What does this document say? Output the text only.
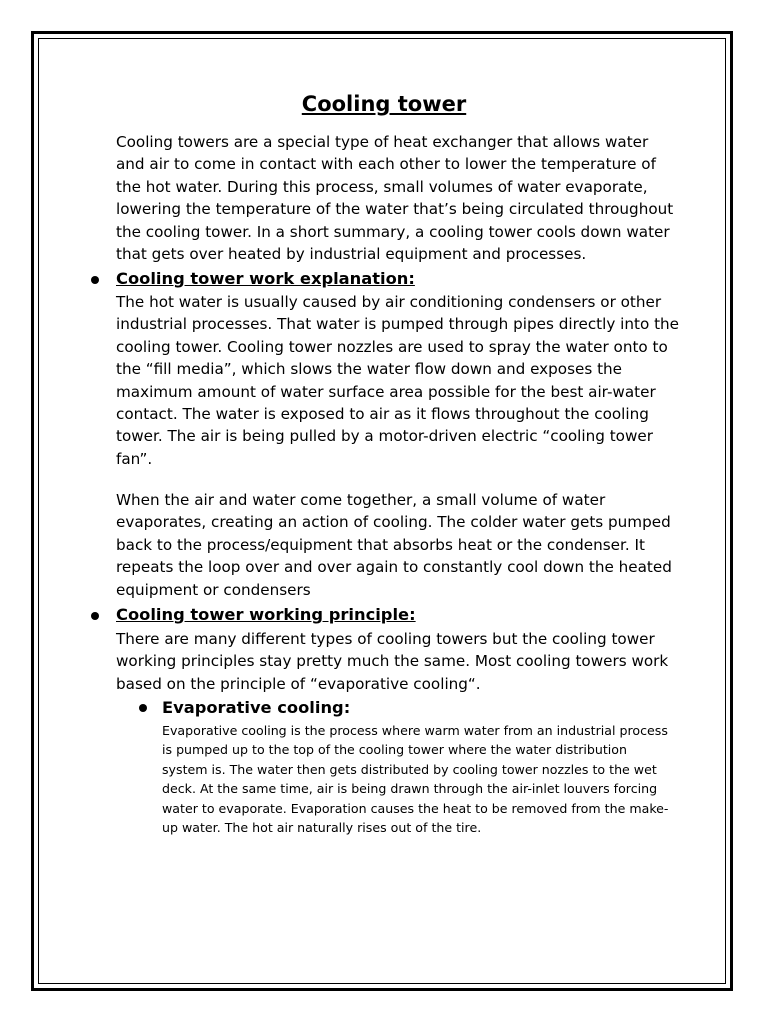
Cooling tower

Cooling towers are a special type of heat exchanger that allows water and air to come in contact with each other to lower the temperature of the hot water. During this process, small volumes of water evaporate, lowering the temperature of the water that’s being circulated throughout the cooling tower. In a short summary, a cooling tower cools down water that gets over heated by industrial equipment and processes.

Cooling tower work explanation:

The hot water is usually caused by air conditioning condensers or other industrial processes. That water is pumped through pipes directly into the cooling tower. Cooling tower nozzles are used to spray the water onto to the “fill media”, which slows the water flow down and exposes the maximum amount of water surface area possible for the best air-water contact. The water is exposed to air as it flows throughout the cooling tower. The air is being pulled by a motor-driven electric “cooling tower fan”.

When the air and water come together, a small volume of water evaporates, creating an action of cooling. The colder water gets pumped back to the process/equipment that absorbs heat or the condenser. It repeats the loop over and over again to constantly cool down the heated equipment or condensers

Cooling tower working principle:

There are many different types of cooling towers but the cooling tower working principles stay pretty much the same. Most cooling towers work based on the principle of “evaporative cooling“.

Evaporative cooling:

Evaporative cooling is the process where warm water from an industrial process is pumped up to the top of the cooling tower where the water distribution system is. The water then gets distributed by cooling tower nozzles to the wet deck. At the same time, air is being drawn through the air-inlet louvers forcing water to evaporate. Evaporation causes the heat to be removed from the make-up water. The hot air naturally rises out of the tire.
